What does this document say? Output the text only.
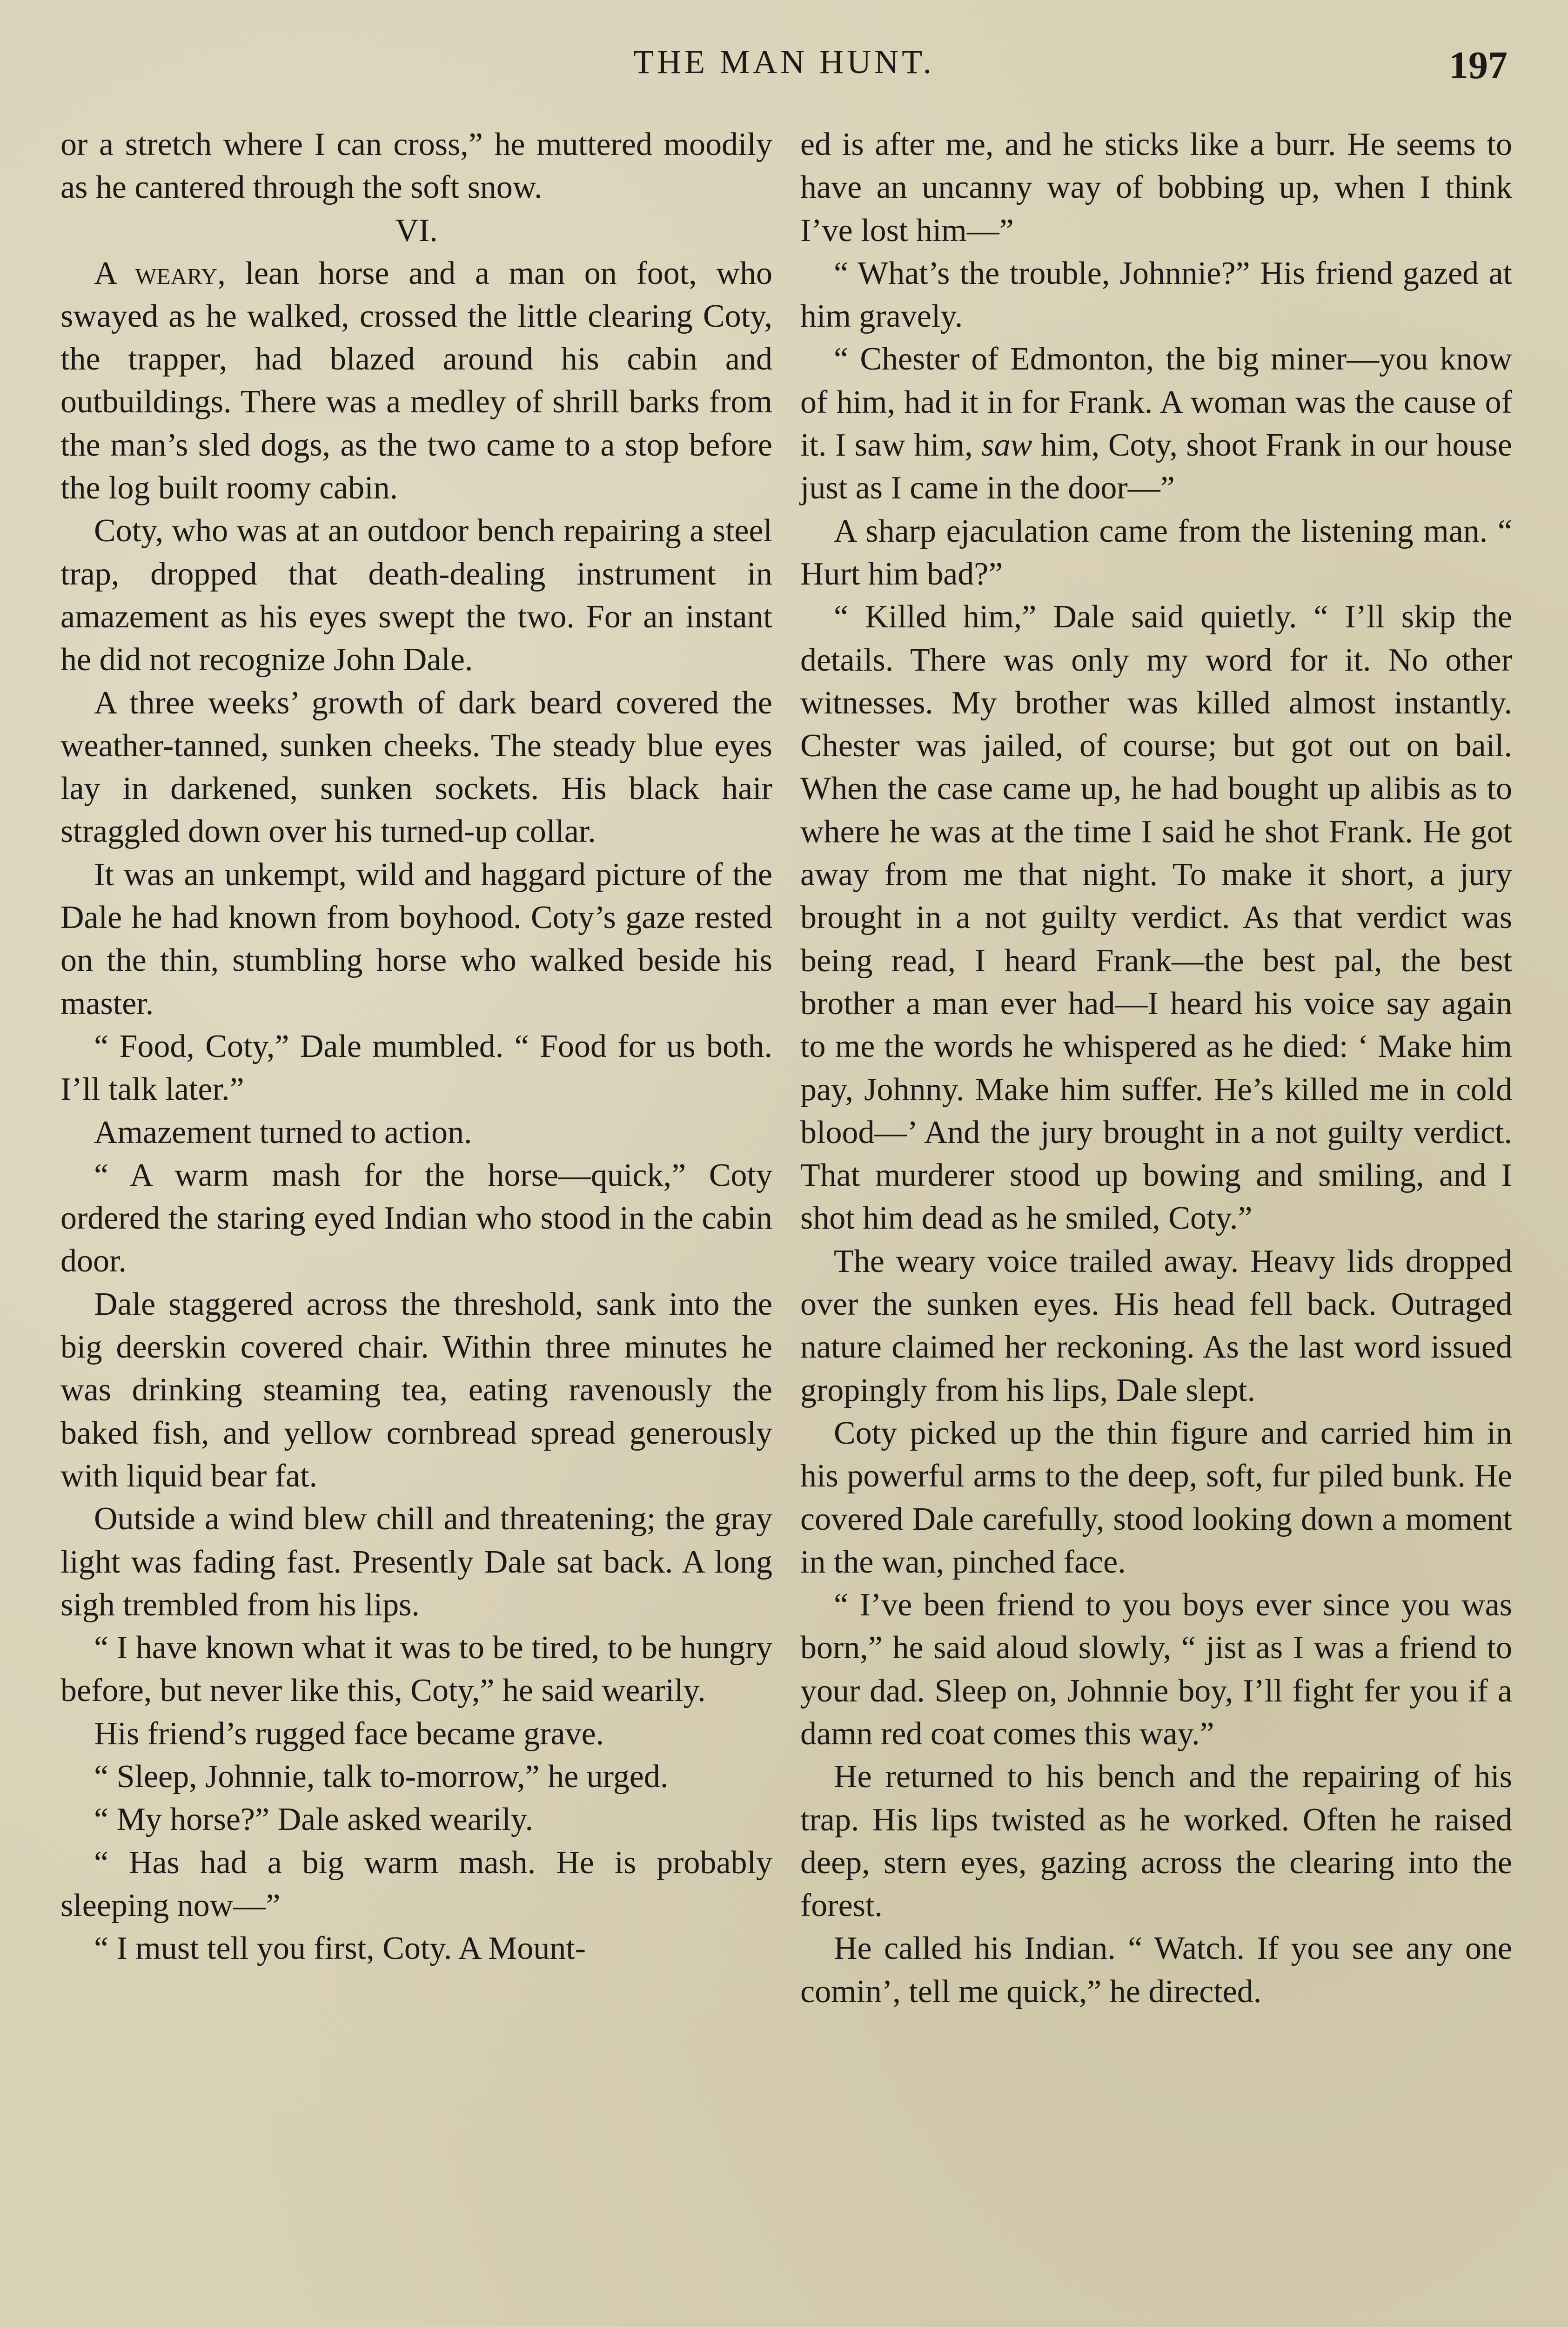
THE MAN HUNT.	197

or a stretch where I can cross,” he muttered moodily as he cantered through the soft snow.

VI.

A weary, lean horse and a man on foot, who swayed as he walked, crossed the little clearing Coty, the trapper, had blazed around his cabin and outbuildings. There was a medley of shrill barks from the man’s sled dogs, as the two came to a stop before the log built roomy cabin.

Coty, who was at an outdoor bench repairing a steel trap, dropped that death-dealing instrument in amazement as his eyes swept the two. For an instant he did not recognize John Dale.

A three weeks’ growth of dark beard covered the weather-tanned, sunken cheeks. The steady blue eyes lay in darkened, sunken sockets. His black hair straggled down over his turned-up collar.

It was an unkempt, wild and haggard picture of the Dale he had known from boyhood. Coty’s gaze rested on the thin, stumbling horse who walked beside his master.

“ Food, Coty,” Dale mumbled. “ Food for us both. I’ll talk later.”

Amazement turned to action.

“ A warm mash for the horse—quick,” Coty ordered the staring eyed Indian who stood in the cabin door.

Dale staggered across the threshold, sank into the big deerskin covered chair. Within three minutes he was drinking steaming tea, eating ravenously the baked fish, and yellow cornbread spread generously with liquid bear fat.

Outside a wind blew chill and threatening; the gray light was fading fast. Presently Dale sat back. A long sigh trembled from his lips.

“ I have known what it was to be tired, to be hungry before, but never like this, Coty,” he said wearily.

His friend’s rugged face became grave.

“ Sleep, Johnnie, talk to-morrow,” he urged.

“ My horse?” Dale asked wearily.

“ Has had a big warm mash. He is probably sleeping now—”

“ I must tell you first, Coty. A Mount-

ed is after me, and he sticks like a burr. He seems to have an uncanny way of bobbing up, when I think I’ve lost him—”

“ What’s the trouble, Johnnie?” His friend gazed at him gravely.

“ Chester of Edmonton, the big miner—you know of him, had it in for Frank. A woman was the cause of it. I saw him, saw him, Coty, shoot Frank in our house just as I came in the door—”

A sharp ejaculation came from the listening man. “ Hurt him bad?”

“ Killed him,” Dale said quietly. “ I’ll skip the details. There was only my word for it. No other witnesses. My brother was killed almost instantly. Chester was jailed, of course; but got out on bail. When the case came up, he had bought up alibis as to where he was at the time I said he shot Frank. He got away from me that night. To make it short, a jury brought in a not guilty verdict. As that verdict was being read, I heard Frank—the best pal, the best brother a man ever had—I heard his voice say again to me the words he whispered as he died: ‘ Make him pay, Johnny. Make him suffer. He’s killed me in cold blood—’ And the jury brought in a not guilty verdict. That murderer stood up bowing and smiling, and I shot him dead as he smiled, Coty.”

The weary voice trailed away. Heavy lids dropped over the sunken eyes. His head fell back. Outraged nature claimed her reckoning. As the last word issued gropingly from his lips, Dale slept.

Coty picked up the thin figure and carried him in his powerful arms to the deep, soft, fur piled bunk. He covered Dale carefully, stood looking down a moment in the wan, pinched face.

“ I’ve been friend to you boys ever since you was born,” he said aloud slowly, “ jist as I was a friend to your dad. Sleep on, Johnnie boy, I’ll fight fer you if a damn red coat comes this way.”

He returned to his bench and the repairing of his trap. His lips twisted as he worked. Often he raised deep, stern eyes, gazing across the clearing into the forest.

He called his Indian. “ Watch. If you see any one comin’, tell me quick,” he directed.
